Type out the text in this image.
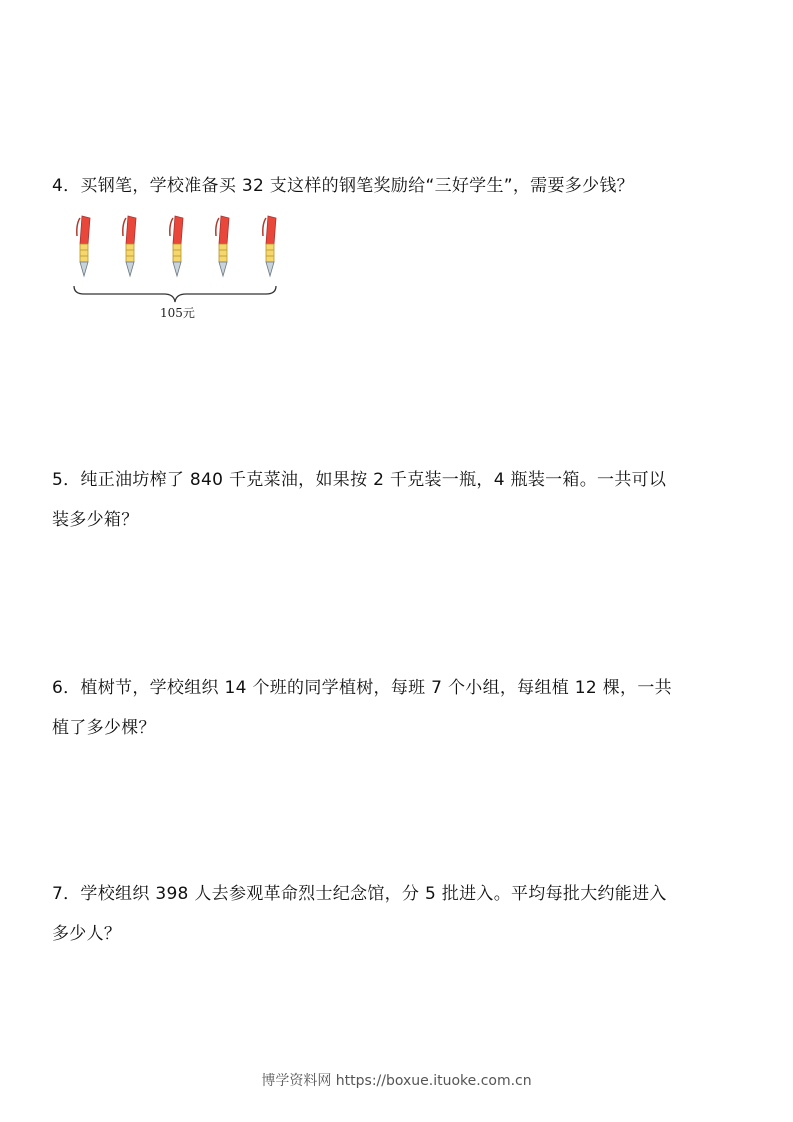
4．买钢笔，学校准备买 32 支这样的钢笔奖励给“三好学生”，需要多少钱？

105元

5．纯正油坊榨了 840 千克菜油，如果按 2 千克装一瓶，4 瓶装一箱。一共可以

装多少箱？

6．植树节，学校组织 14 个班的同学植树，每班 7 个小组，每组植 12 棵，一共

植了多少棵？

7．学校组织 398 人去参观革命烈士纪念馆，分 5 批进入。平均每批大约能进入

多少人？

博学资料网 https://boxue.ituoke.com.cn
